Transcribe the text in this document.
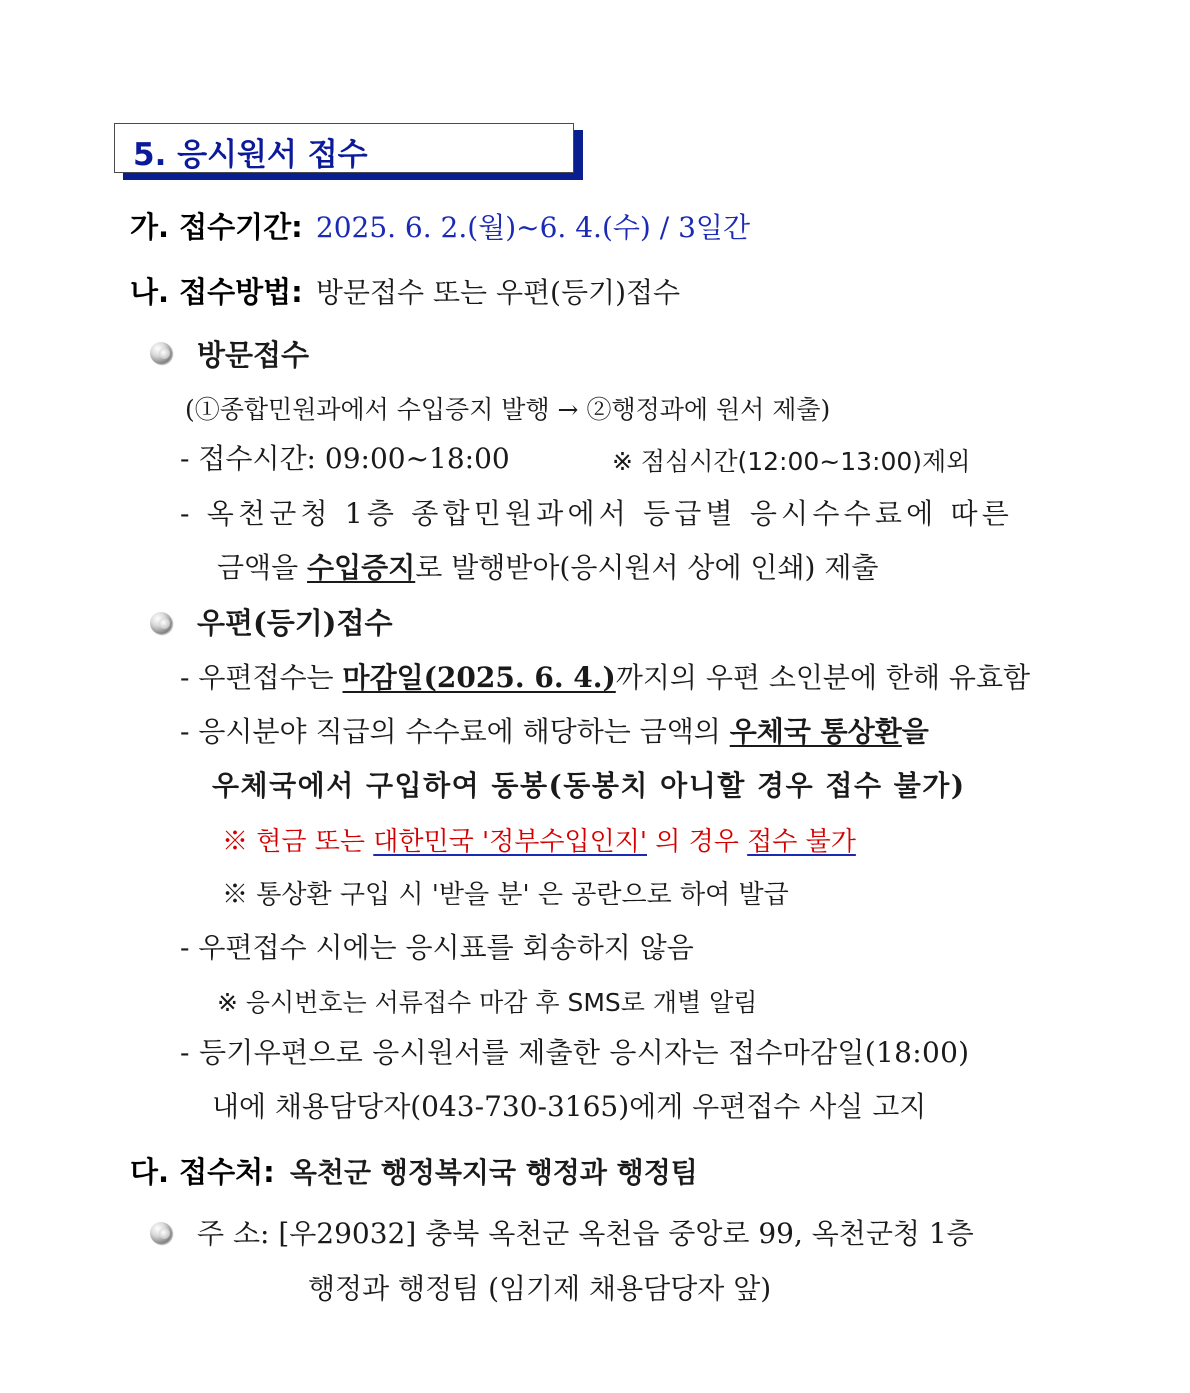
5. 응시원서 접수
가. 접수기간: 2025. 6. 2.(월)~6. 4.(수) / 3일간
나. 접수방법: 방문접수 또는 우편(등기)접수
방문접수
(①종합민원과에서 수입증지 발행 → ②행정과에 원서 제출)
- 접수시간: 09:00~18:00	※ 점심시간(12:00~13:00)제외
- 옥천군청 1층 종합민원과에서 등급별 응시수수료에 따른
금액을 수입증지로 발행받아(응시원서 상에 인쇄) 제출
우편(등기)접수
- 우편접수는 마감일(2025. 6. 4.)까지의 우편 소인분에 한해 유효함
- 응시분야 직급의 수수료에 해당하는 금액의 우체국 통상환을
우체국에서 구입하여 동봉(동봉치 아니할 경우 접수 불가)
※ 현금 또는 대한민국 '정부수입인지' 의 경우 접수 불가
※ 통상환 구입 시 '받을 분' 은 공란으로 하여 발급
- 우편접수 시에는 응시표를 회송하지 않음
※ 응시번호는 서류접수 마감 후 SMS로 개별 알림
- 등기우편으로 응시원서를 제출한 응시자는 접수마감일(18:00)
내에 채용담당자(043-730-3165)에게 우편접수 사실 고지
다. 접수처: 옥천군 행정복지국 행정과 행정팀
주 소: [우29032] 충북 옥천군 옥천읍 중앙로 99, 옥천군청 1층
행정과 행정팀 (임기제 채용담당자 앞)
